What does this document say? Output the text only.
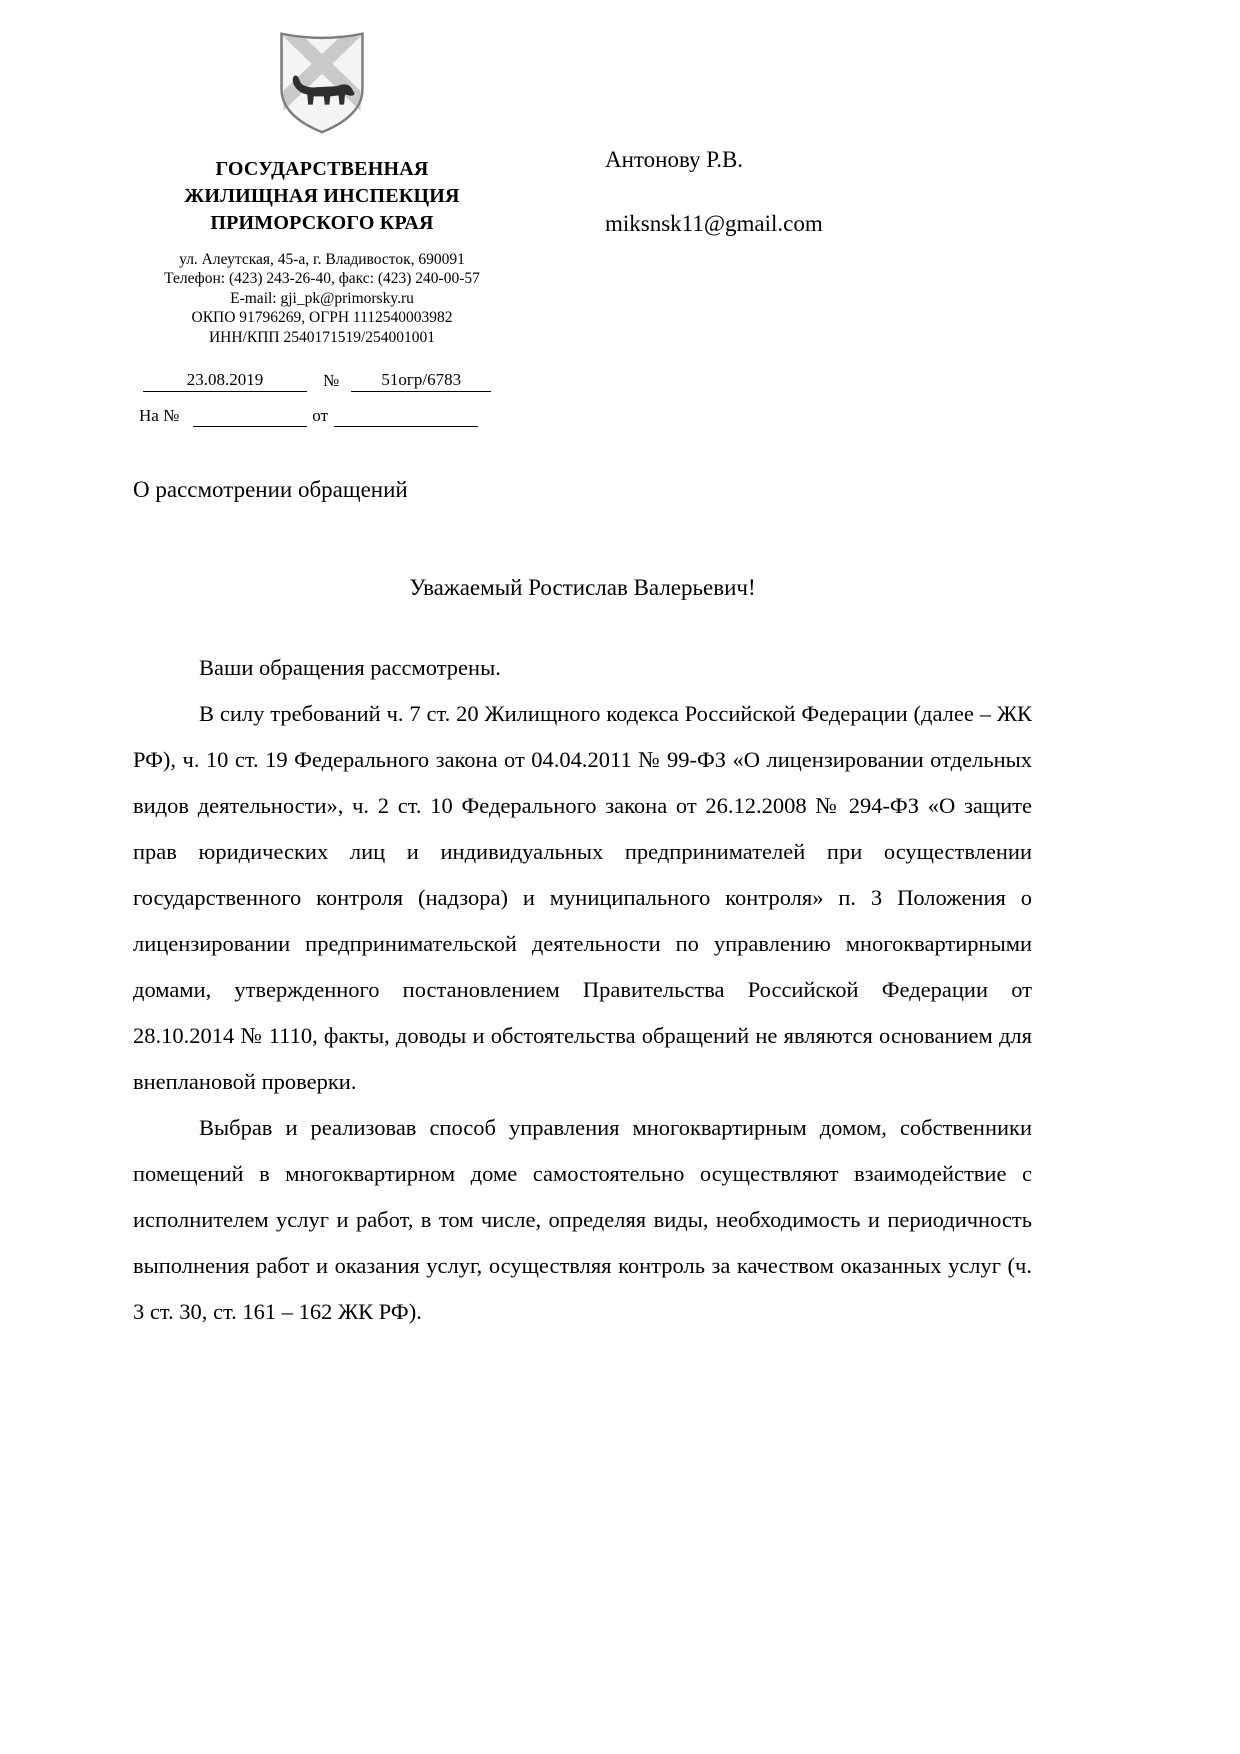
ГОСУДАРСТВЕННАЯ
ЖИЛИЩНАЯ ИНСПЕКЦИЯ
ПРИМОРСКОГО КРАЯ
ул. Алеутская, 45-а, г. Владивосток, 690091
Телефон: (423) 243-26-40, факс: (423) 240-00-57
E-mail: gji_pk@primorsky.ru
ОКПО 91796269, ОГРН 1112540003982
ИНН/КПП 2540171519/254001001
23.08.2019	№	51огр/6783
На №	от
Антонову Р.В.
miksnsk11@gmail.com
О рассмотрении обращений
Уважаемый Ростислав Валерьевич!

Ваши обращения рассмотрены.

В силу требований ч. 7 ст. 20 Жилищного кодекса Российской Федерации (далее – ЖК РФ), ч. 10 ст. 19 Федерального закона от 04.04.2011 № 99-ФЗ «О лицензировании отдельных видов деятельности», ч. 2 ст. 10 Федерального закона от 26.12.2008 № 294-ФЗ «О защите прав юридических лиц и индивидуальных предпринимателей при осуществлении государственного контроля (надзора) и муниципального контроля» п. 3 Положения о лицензировании предпринимательской деятельности по управлению многоквартирными домами, утвержденного постановлением Правительства Российской Федерации от 28.10.2014 № 1110, факты, доводы и обстоятельства обращений не являются основанием для внеплановой проверки.

Выбрав и реализовав способ управления многоквартирным домом, собственники помещений в многоквартирном доме самостоятельно осуществляют взаимодействие с исполнителем услуг и работ, в том числе, определяя виды, необходимость и периодичность выполнения работ и оказания услуг, осуществляя контроль за качеством оказанных услуг (ч. 3 ст. 30, ст. 161 – 162 ЖК РФ).
